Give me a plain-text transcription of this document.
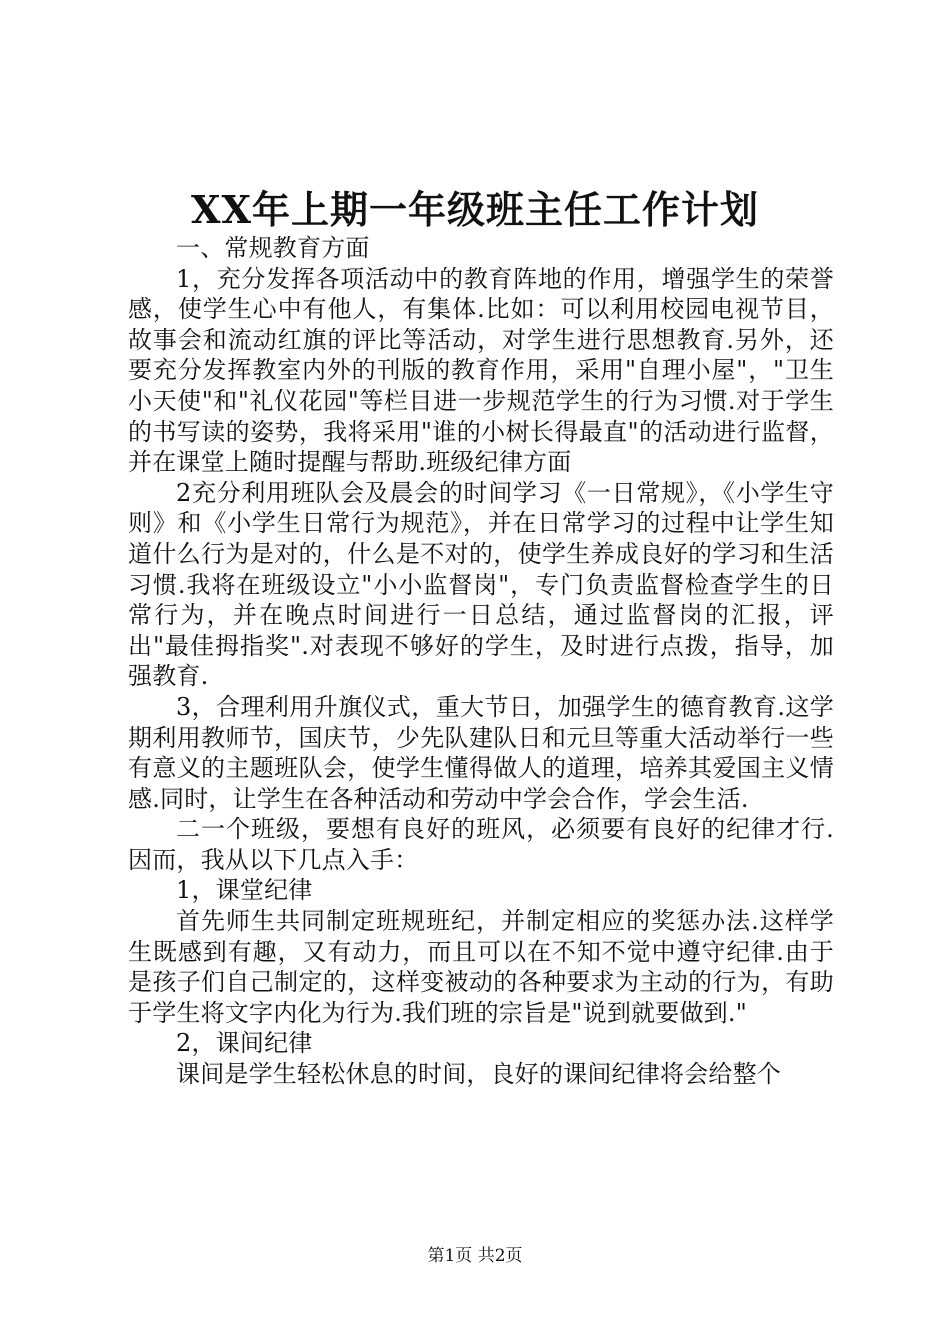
XX年上期一年级班主任工作计划

一、常规教育方面

1，充分发挥各项活动中的教育阵地的作用，增强学生的荣誉感，使学生心中有他人，有集体.比如：可以利用校园电视节目，故事会和流动红旗的评比等活动，对学生进行思想教育.另外，还要充分发挥教室内外的刊版的教育作用，采用"自理小屋"，"卫生小天使"和"礼仪花园"等栏目进一步规范学生的行为习惯.对于学生的书写读的姿势，我将采用"谁的小树长得最直"的活动进行监督，并在课堂上随时提醒与帮助.班级纪律方面

2充分利用班队会及晨会的时间学习《一日常规》，《小学生守则》和《小学生日常行为规范》，并在日常学习的过程中让学生知道什么行为是对的，什么是不对的，使学生养成良好的学习和生活习惯.我将在班级设立"小小监督岗"，专门负责监督检查学生的日常行为，并在晚点时间进行一日总结，通过监督岗的汇报，评出"最佳拇指奖".对表现不够好的学生，及时进行点拨，指导，加强教育.

3，合理利用升旗仪式，重大节日，加强学生的德育教育.这学期利用教师节，国庆节，少先队建队日和元旦等重大活动举行一些有意义的主题班队会，使学生懂得做人的道理，培养其爱国主义情感.同时，让学生在各种活动和劳动中学会合作，学会生活.

二一个班级，要想有良好的班风，必须要有良好的纪律才行.因而，我从以下几点入手：

1，课堂纪律

首先师生共同制定班规班纪，并制定相应的奖惩办法.这样学生既感到有趣，又有动力，而且可以在不知不觉中遵守纪律.由于是孩子们自己制定的，这样变被动的各种要求为主动的行为，有助于学生将文字内化为行为.我们班的宗旨是"说到就要做到."

2，课间纪律

课间是学生轻松休息的时间，良好的课间纪律将会给整个

第1页 共2页
